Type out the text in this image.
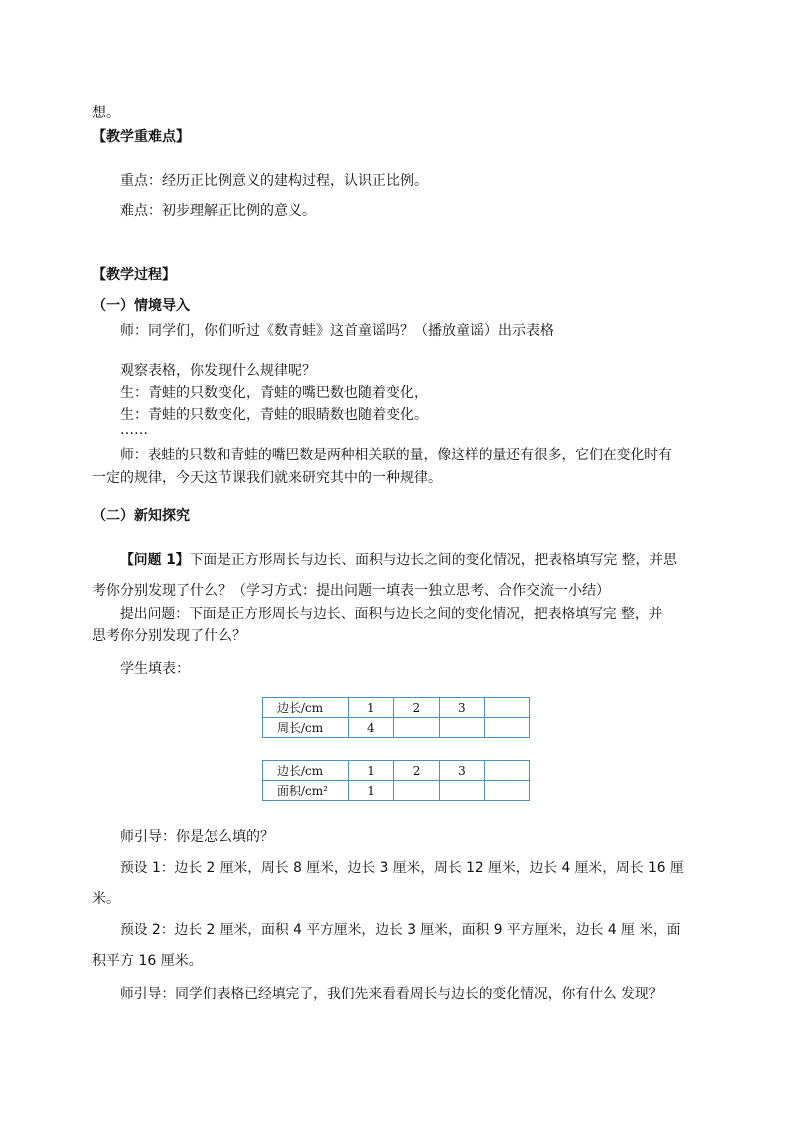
想。
【教学重难点】
重点：经历正比例意义的建构过程，认识正比例。
难点：初步理解正比例的意义。
【教学过程】
（一）情境导入
师：同学们，你们听过《数青蛙》这首童谣吗？（播放童谣）出示表格
观察表格，你发现什么规律呢？
生：青蛙的只数变化，青蛙的嘴巴数也随着变化，
生：青蛙的只数变化，青蛙的眼睛数也随着变化。
……
师：表蛙的只数和青蛙的嘴巴数是两种相关联的量，像这样的量还有很多，它们在变化时有
一定的规律，今天这节课我们就来研究其中的一种规律。
（二）新知探究
【问题 1】下面是正方形周长与边长、面积与边长之间的变化情况，把表格填写完 整，并思
考你分别发现了什么？（学习方式：提出问题一填表一独立思考、合作交流一小结）
提出问题：下面是正方形周长与边长、面积与边长之间的变化情况，把表格填写完 整，并
思考你分别发现了什么？
学生填表：
边长/cm	1	2	3	
周长/cm	4			
边长/cm	1	2	3	
面积/cm²	1			
师引导：你是怎么填的？
预设 1：边长 2 厘米，周长 8 厘米，边长 3 厘米，周长 12 厘米，边长 4 厘米，周长 16 厘
米。
预设 2：边长 2 厘米，面积 4 平方厘米，边长 3 厘米，面积 9 平方厘米，边长 4 厘 米，面
积平方 16 厘米。
师引导：同学们表格已经填完了，我们先来看看周长与边长的变化情况，你有什么 发现？
